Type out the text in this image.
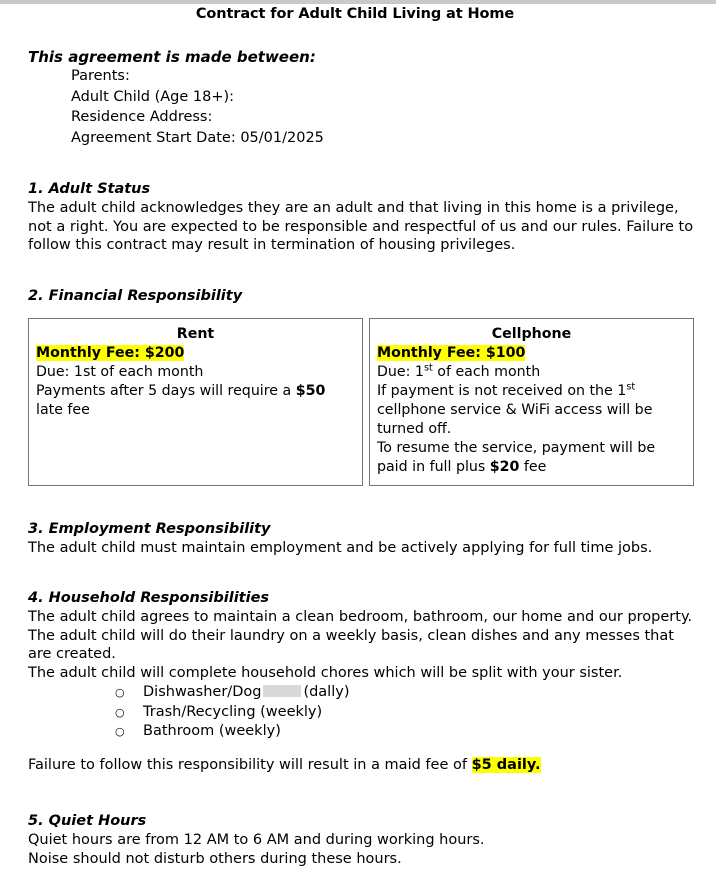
Contract for Adult Child Living at Home
This agreement is made between:
Parents:
Adult Child (Age 18+):
Residence Address:
Agreement Start Date: 05/01/2025
1. Adult Status

The adult child acknowledges they are an adult and that living in this home is a privilege, not a right. You are expected to be responsible and respectful of us and our rules. Failure to follow this contract may result in termination of housing privileges.

2. Financial Responsibility
Rent
Monthly Fee: $200
Due: 1st of each month
Payments after 5 days will require a $50 late fee
Cellphone
Monthly Fee: $100
Due: 1st of each month
If payment is not received on the 1st cellphone service & WiFi access will be turned off.
To resume the service, payment will be paid in full plus $20 fee
3. Employment Responsibility

The adult child must maintain employment and be actively applying for full time jobs.

4. Household Responsibilities

The adult child agrees to maintain a clean bedroom, bathroom, our home and our property.

The adult child will do their laundry on a weekly basis, clean dishes and any messes that are created.

The adult child will complete household chores which will be split with your sister.

○ Dishwasher/Dog	(dally)
○ Trash/Recycling (weekly)
○ Bathroom (weekly)

Failure to follow this responsibility will result in a maid fee of $5 daily.

5. Quiet Hours

Quiet hours are from 12 AM to 6 AM and during working hours.

Noise should not disturb others during these hours.
